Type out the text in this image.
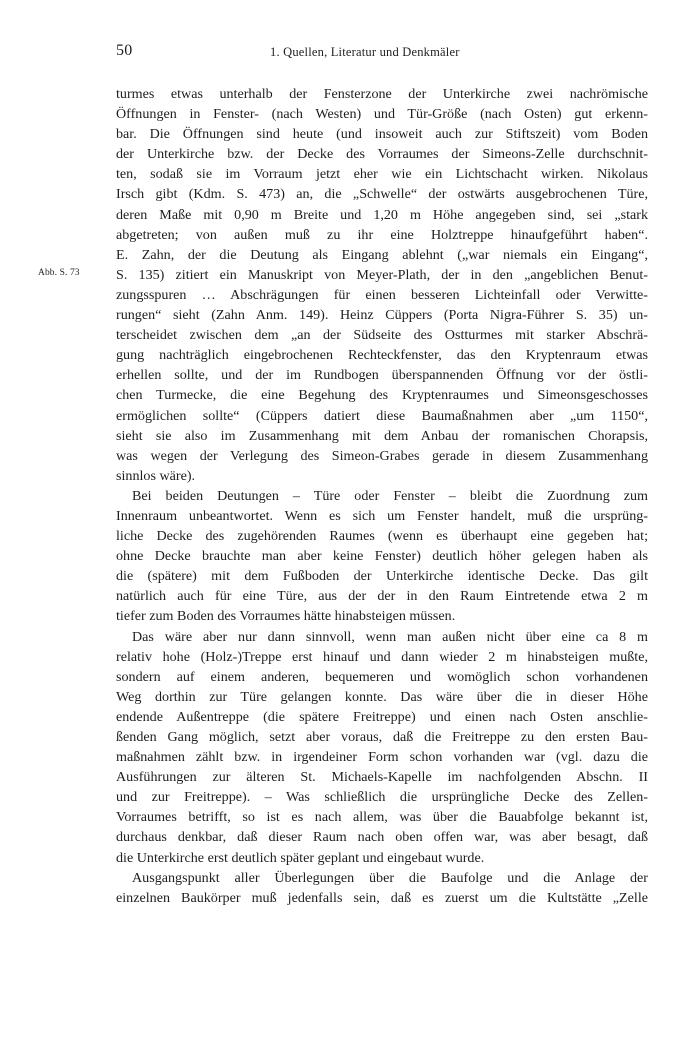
50	1. Quellen, Literatur und Denkmäler
Abb. S. 73
turmes etwas unterhalb der Fensterzone der Unterkirche zwei nachrömische
Öffnungen in Fenster- (nach Westen) und Tür-Größe (nach Osten) gut erkenn-
bar. Die Öffnungen sind heute (und insoweit auch zur Stiftszeit) vom Boden
der Unterkirche bzw. der Decke des Vorraumes der Simeons-Zelle durchschnit-
ten, sodaß sie im Vorraum jetzt eher wie ein Lichtschacht wirken. Nikolaus
Irsch gibt (Kdm. S. 473) an, die „Schwelle“ der ostwärts ausgebrochenen Türe,
deren Maße mit 0,90 m Breite und 1,20 m Höhe angegeben sind, sei „stark
abgetreten; von außen muß zu ihr eine Holztreppe hinaufgeführt haben“.
E. Zahn, der die Deutung als Eingang ablehnt („war niemals ein Eingang“,
S. 135) zitiert ein Manuskript von Meyer-Plath, der in den „angeblichen Benut-
zungsspuren … Abschrägungen für einen besseren Lichteinfall oder Verwitte-
rungen“ sieht (Zahn Anm. 149). Heinz Cüppers (Porta Nigra-Führer S. 35) un-
terscheidet zwischen dem „an der Südseite des Ostturmes mit starker Abschrä-
gung nachträglich eingebrochenen Rechteckfenster, das den Kryptenraum etwas
erhellen sollte, und der im Rundbogen überspannenden Öffnung vor der östli-
chen Turmecke, die eine Begehung des Kryptenraumes und Simeonsgeschosses
ermöglichen sollte“ (Cüppers datiert diese Baumaßnahmen aber „um 1150“,
sieht sie also im Zusammenhang mit dem Anbau der romanischen Chorapsis,
was wegen der Verlegung des Simeon-Grabes gerade in diesem Zusammenhang
sinnlos wäre).
Bei beiden Deutungen – Türe oder Fenster – bleibt die Zuordnung zum
Innenraum unbeantwortet. Wenn es sich um Fenster handelt, muß die ursprüng-
liche Decke des zugehörenden Raumes (wenn es überhaupt eine gegeben hat;
ohne Decke brauchte man aber keine Fenster) deutlich höher gelegen haben als
die (spätere) mit dem Fußboden der Unterkirche identische Decke. Das gilt
natürlich auch für eine Türe, aus der der in den Raum Eintretende etwa 2 m
tiefer zum Boden des Vorraumes hätte hinabsteigen müssen.
Das wäre aber nur dann sinnvoll, wenn man außen nicht über eine ca 8 m
relativ hohe (Holz-)Treppe erst hinauf und dann wieder 2 m hinabsteigen mußte,
sondern auf einem anderen, bequemeren und womöglich schon vorhandenen
Weg dorthin zur Türe gelangen konnte. Das wäre über die in dieser Höhe
endende Außentreppe (die spätere Freitreppe) und einen nach Osten anschlie-
ßenden Gang möglich, setzt aber voraus, daß die Freitreppe zu den ersten Bau-
maßnahmen zählt bzw. in irgendeiner Form schon vorhanden war (vgl. dazu die
Ausführungen zur älteren St. Michaels-Kapelle im nachfolgenden Abschn. II
und zur Freitreppe). – Was schließlich die ursprüngliche Decke des Zellen-
Vorraumes betrifft, so ist es nach allem, was über die Bauabfolge bekannt ist,
durchaus denkbar, daß dieser Raum nach oben offen war, was aber besagt, daß
die Unterkirche erst deutlich später geplant und eingebaut wurde.
Ausgangspunkt aller Überlegungen über die Baufolge und die Anlage der
einzelnen Baukörper muß jedenfalls sein, daß es zuerst um die Kultstätte „Zelle
